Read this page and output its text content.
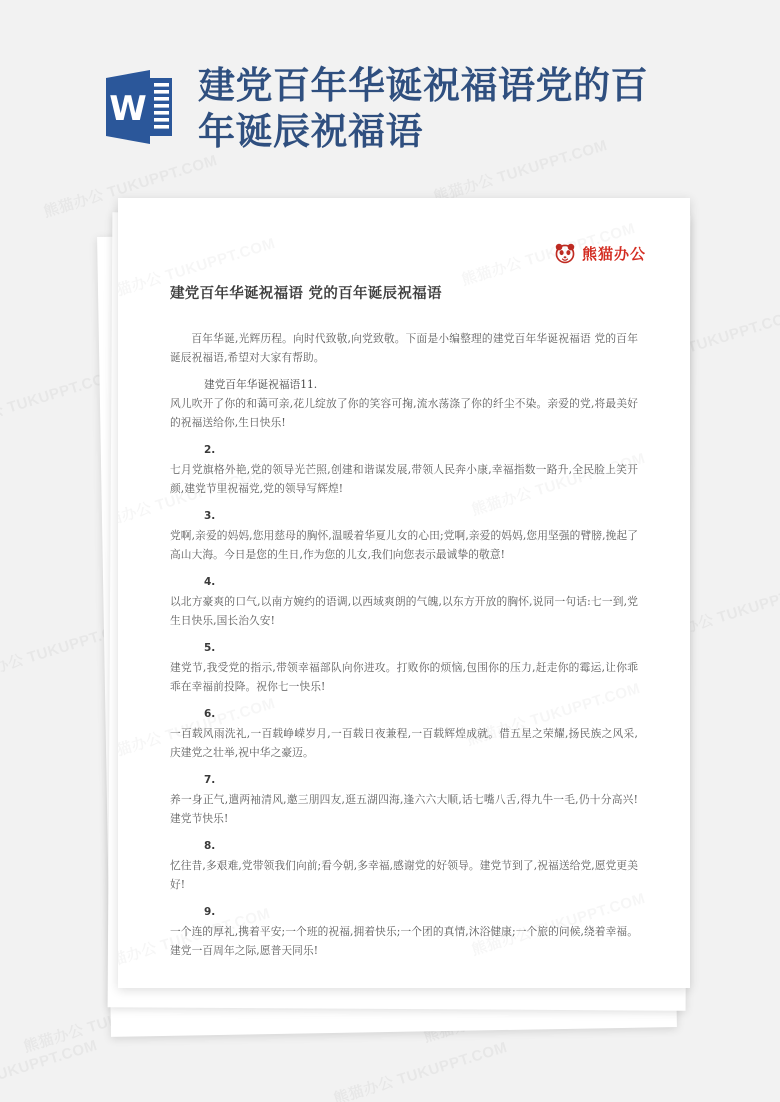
W
建党百年华诞祝福语党的百年诞辰祝福语
熊猫办公
建党百年华诞祝福语 党的百年诞辰祝福语

百年华诞,光辉历程。向时代致敬,向党致敬。下面是小编整理的建党百年华诞祝福语 党的百年诞辰祝福语,希望对大家有帮助。

建党百年华诞祝福语11.

风儿吹开了你的和蔼可亲,花儿绽放了你的笑容可掬,流水荡涤了你的纤尘不染。亲爱的党,将最美好的祝福送给你,生日快乐!

2.

七月党旗格外艳,党的领导光芒照,创建和谐谋发展,带领人民奔小康,幸福指数一路升,全民脸上笑开颜,建党节里祝福党,党的领导写辉煌!

3.

党啊,亲爱的妈妈,您用慈母的胸怀,温暖着华夏儿女的心田;党啊,亲爱的妈妈,您用坚强的臂膀,挽起了高山大海。今日是您的生日,作为您的儿女,我们向您表示最诚挚的敬意!

4.

以北方豪爽的口气,以南方婉约的语调,以西域爽朗的气魄,以东方开放的胸怀,说同一句话:七一到,党生日快乐,国长治久安!

5.

建党节,我受党的指示,带领幸福部队向你进攻。打败你的烦恼,包围你的压力,赶走你的霉运,让你乖乖在幸福前投降。祝你七一快乐!

6.

一百载风雨洗礼,一百载峥嵘岁月,一百载日夜兼程,一百载辉煌成就。借五星之荣耀,扬民族之风采,庆建党之壮举,祝中华之豪迈。

7.

养一身正气,遣两袖清风,邀三朋四友,逛五湖四海,逢六六大顺,话七嘴八舌,得九牛一毛,仍十分高兴!建党节快乐!

8.

忆往昔,多艰难,党带领我们向前;看今朝,多幸福,感谢党的好领导。建党节到了,祝福送给党,愿党更美好!

9.

一个连的厚礼,携着平安;一个班的祝福,拥着快乐;一个团的真情,沐浴健康;一个旅的问候,绕着幸福。建党一百周年之际,愿普天同乐!
